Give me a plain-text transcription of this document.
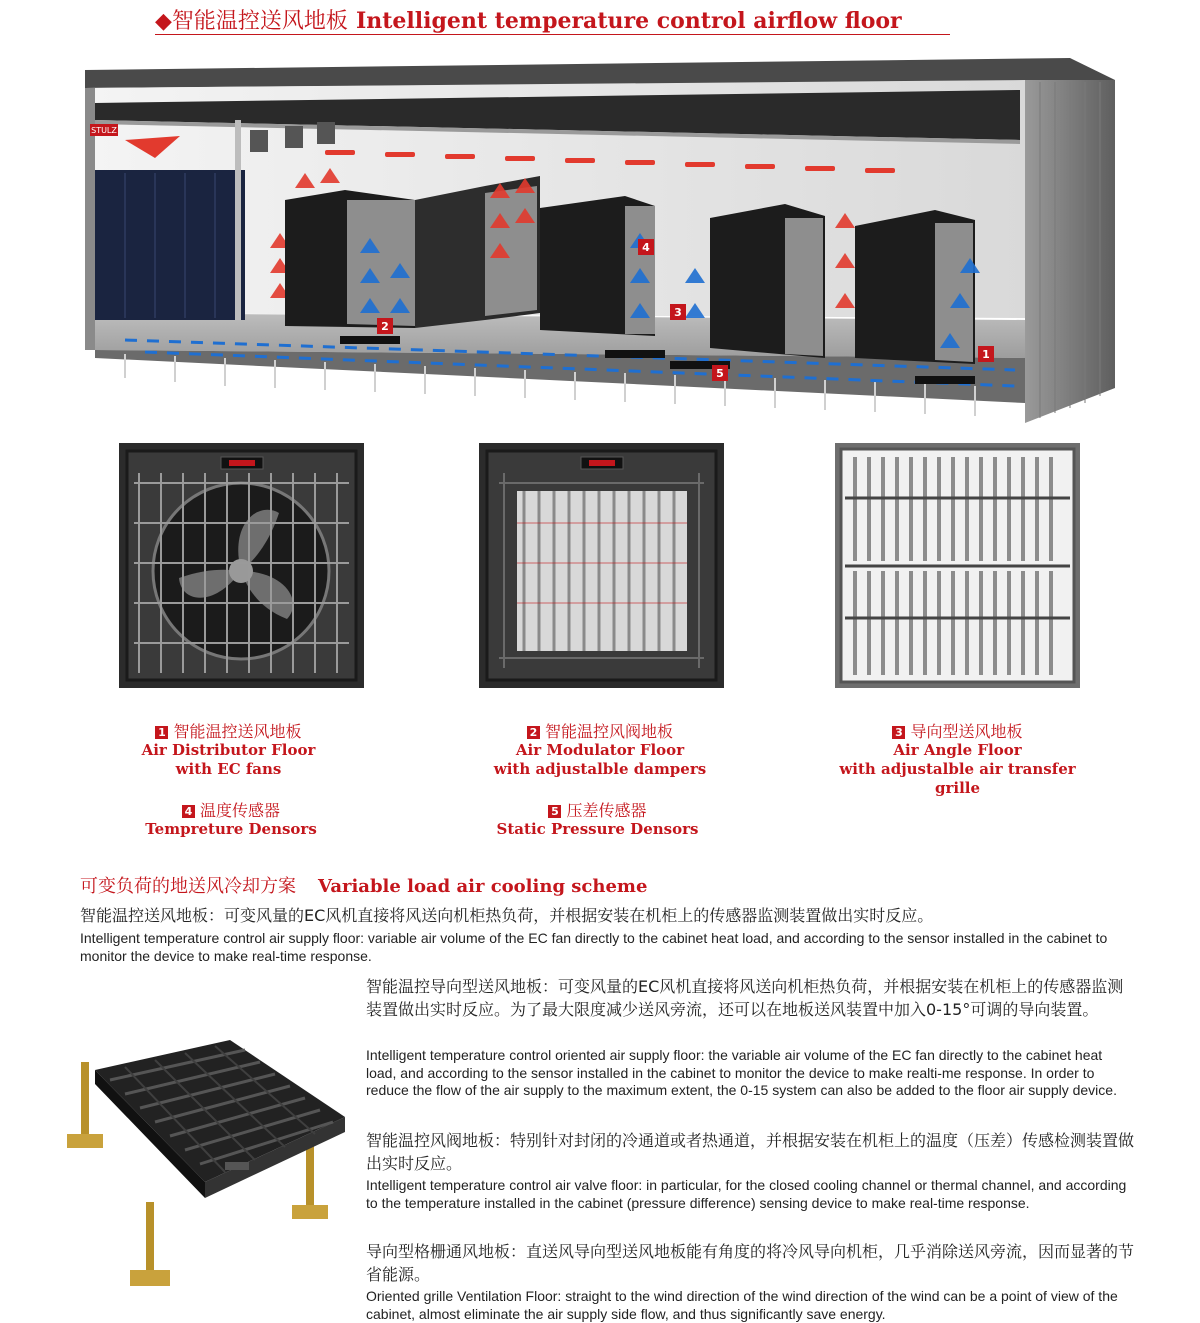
◆智能温控送风地板 Intelligent temperature control airflow floor
STULZ
1
2
3
4
5
1 智能温控送风地板
Air Distributor Floor
with EC fans
2 智能温控风阀地板
Air Modulator Floor
with adjustalble dampers
3 导向型送风地板
Air Angle Floor
with adjustalble air transfer grille
4 温度传感器
Tempreture Densors
5 压差传感器
Static Pressure Densors
可变负荷的地送风冷却方案 Variable load air cooling scheme
智能温控送风地板：可变风量的EC风机直接将风送向机柜热负荷，并根据安装在机柜上的传感器监测装置做出实时反应。
Intelligent temperature control air supply floor: variable air volume of the EC fan directly to the cabinet heat load, and according to the sensor installed in the cabinet to monitor the device to make real-time response.
智能温控导向型送风地板：可变风量的EC风机直接将风送向机柜热负荷，并根据安装在机柜上的传感器监测装置做出实时反应。为了最大限度减少送风旁流，还可以在地板送风装置中加入0-15°可调的导向装置。
Intelligent temperature control oriented air supply floor: the variable air volume of the EC fan directly to the cabinet heat load, and according to the sensor installed in the cabinet to monitor the device to make realti-me response. In order to reduce the flow of the air supply to the maximum extent, the 0-15 system can also be added to the floor air supply device.
智能温控风阀地板：特别针对封闭的冷通道或者热通道，并根据安装在机柜上的温度（压差）传感检测装置做出实时反应。
Intelligent temperature control air valve floor: in particular, for the closed cooling channel or thermal channel, and according to the temperature installed in the cabinet (pressure difference) sensing device to make real-time response.
导向型格栅通风地板：直送风导向型送风地板能有角度的将冷风导向机柜，几乎消除送风旁流，因而显著的节省能源。
Oriented grille Ventilation Floor: straight to the wind direction of the wind direction of the wind can be a point of view of the cabinet, almost eliminate the air supply side flow, and thus significantly save energy.
